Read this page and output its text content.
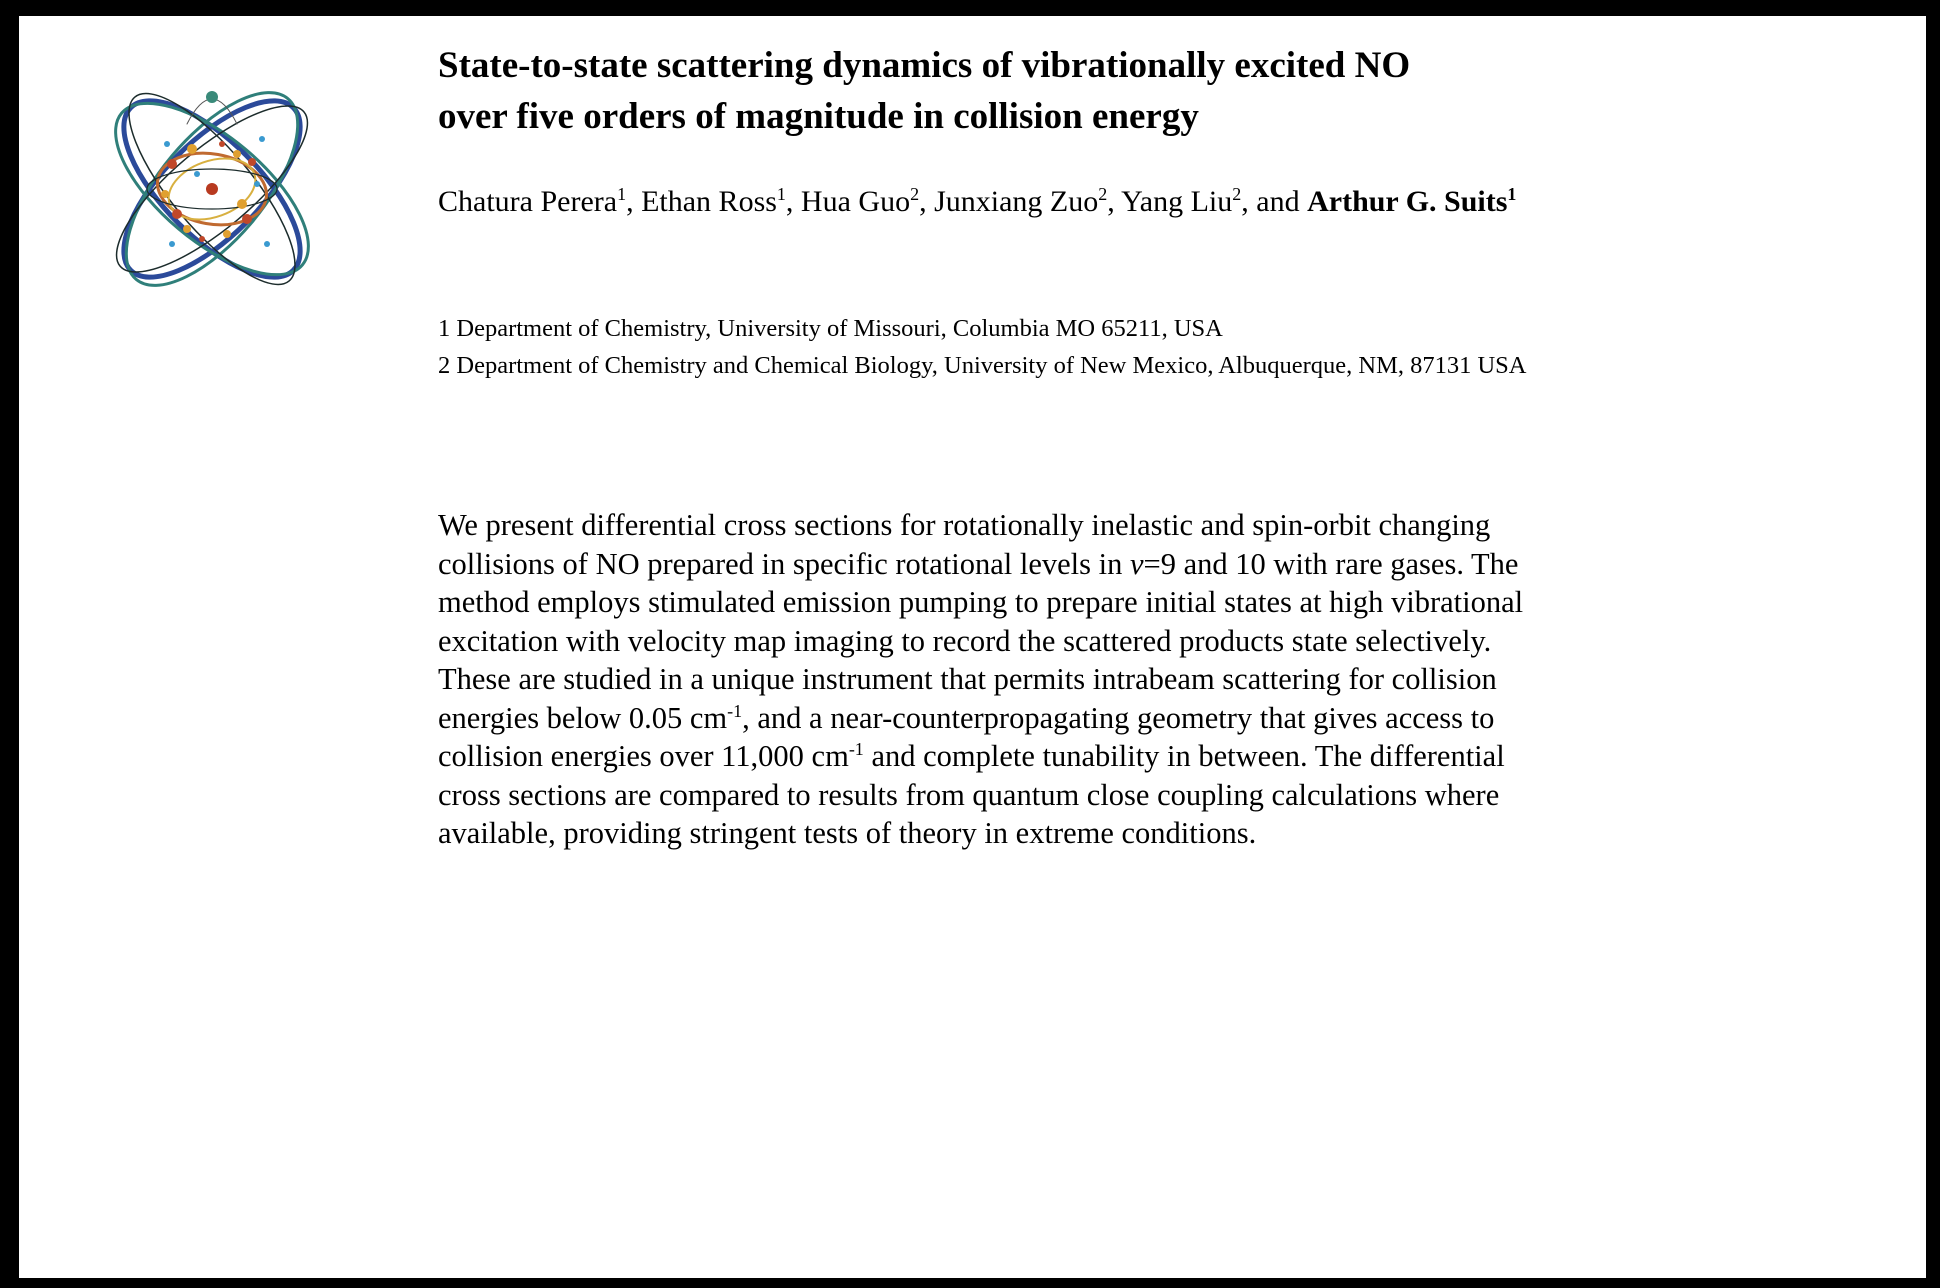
State-to-state scattering dynamics of vibrationally excited NO
over five orders of magnitude in collision energy
Chatura Perera$^1$, Ethan Ross$^1$, Hua Guo$^2$, Junxiang Zuo$^2$, Yang Liu$^2$, and Arthur G. Suits$^1$
1 Department of Chemistry, University of Missouri, Columbia MO 65211, USA
2 Department of Chemistry and Chemical Biology, University of New Mexico, Albuquerque, NM, 87131 USA
We present differential cross sections for rotationally inelastic and spin-orbit changing collisions of NO prepared in specific rotational levels in v=9 and 10 with rare gases. The method employs stimulated emission pumping to prepare initial states at high vibrational excitation with velocity map imaging to record the scattered products state selectively. These are studied in a unique instrument that permits intrabeam scattering for collision energies below 0.05 $cm^{-1}$, and a near-counterpropagating geometry that gives access to collision energies over 11,000 $cm^{-1}$ and complete tunability in between. The differential cross sections are compared to results from quantum close coupling calculations where available, providing stringent tests of theory in extreme conditions.
